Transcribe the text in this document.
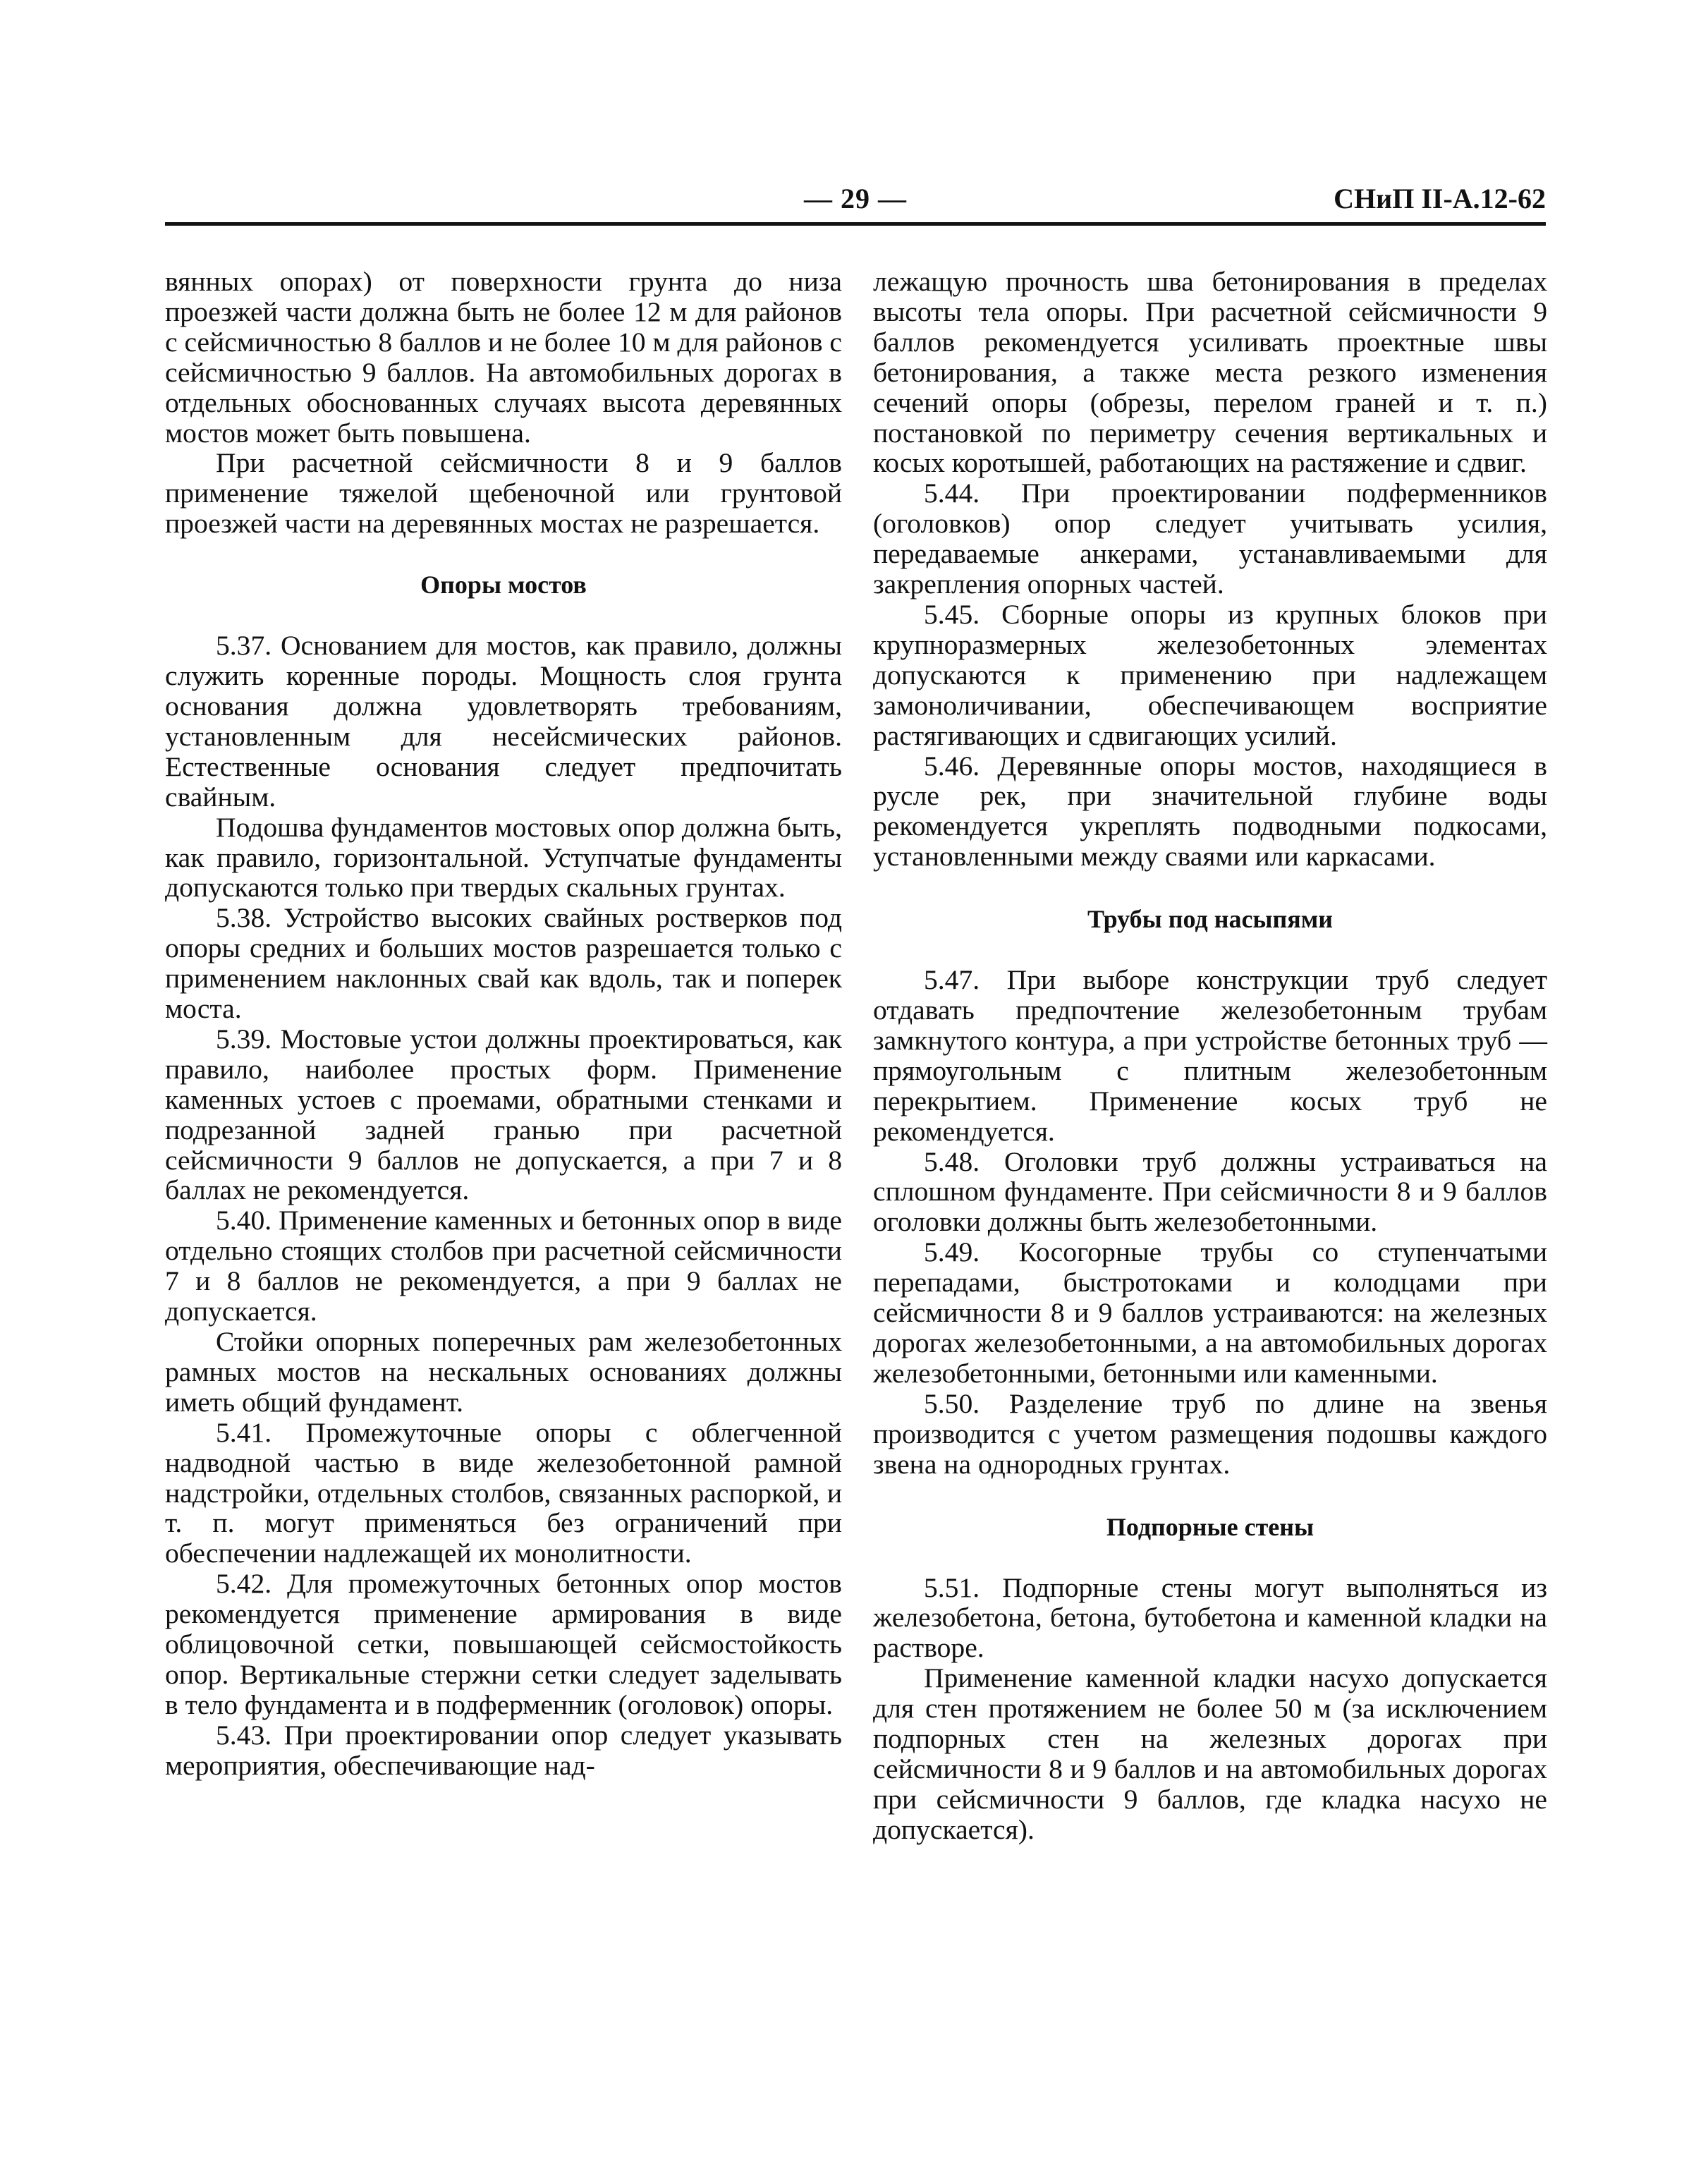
— 29 —	СНиП II-А.12-62

вянных опорах) от поверхности грунта до низа проезжей части должна быть не более 12 м для районов с сейсмичностью 8 баллов и не более 10 м для районов с сейсмичностью 9 баллов. На автомобильных дорогах в отдельных обоснованных случаях высота деревянных мостов может быть повышена.

При расчетной сейсмичности 8 и 9 баллов применение тяжелой щебеночной или грунтовой проезжей части на деревянных мостах не разрешается.

Опоры мостов

5.37. Основанием для мостов, как правило, должны служить коренные породы. Мощность слоя грунта основания должна удовлетворять требованиям, установленным для несейсмических районов. Естественные основания следует предпочитать свайным.

Подошва фундаментов мостовых опор должна быть, как правило, горизонтальной. Уступчатые фундаменты допускаются только при твердых скальных грунтах.

5.38. Устройство высоких свайных ростверков под опоры средних и больших мостов разрешается только с применением наклонных свай как вдоль, так и поперек моста.

5.39. Мостовые устои должны проектироваться, как правило, наиболее простых форм. Применение каменных устоев с проемами, обратными стенками и подрезанной задней гранью при расчетной сейсмичности 9 баллов не допускается, а при 7 и 8 баллах не рекомендуется.

5.40. Применение каменных и бетонных опор в виде отдельно стоящих столбов при расчетной сейсмичности 7 и 8 баллов не рекомендуется, а при 9 баллах не допускается.

Стойки опорных поперечных рам железобетонных рамных мостов на нескальных основаниях должны иметь общий фундамент.

5.41. Промежуточные опоры с облегченной надводной частью в виде железобетонной рамной надстройки, отдельных столбов, связанных распоркой, и т. п. могут применяться без ограничений при обеспечении надлежащей их монолитности.

5.42. Для промежуточных бетонных опор мостов рекомендуется применение армирования в виде облицовочной сетки, повышающей сейсмостойкость опор. Вертикальные стержни сетки следует заделывать в тело фундамента и в подферменник (оголовок) опоры.

5.43. При проектировании опор следует указывать мероприятия, обеспечивающие над-

лежащую прочность шва бетонирования в пределах высоты тела опоры. При расчетной сейсмичности 9 баллов рекомендуется усиливать проектные швы бетонирования, а также места резкого изменения сечений опоры (обрезы, перелом граней и т. п.) постановкой по периметру сечения вертикальных и косых коротышей, работающих на растяжение и сдвиг.

5.44. При проектировании подферменников (оголовков) опор следует учитывать усилия, передаваемые анкерами, устанавливаемыми для закрепления опорных частей.

5.45. Сборные опоры из крупных блоков при крупноразмерных железобетонных элементах допускаются к применению при надлежащем замоноличивании, обеспечивающем восприятие растягивающих и сдвигающих усилий.

5.46. Деревянные опоры мостов, находящиеся в русле рек, при значительной глубине воды рекомендуется укреплять подводными подкосами, установленными между сваями или каркасами.

Трубы под насыпями

5.47. При выборе конструкции труб следует отдавать предпочтение железобетонным трубам замкнутого контура, а при устройстве бетонных труб — прямоугольным с плитным железобетонным перекрытием. Применение косых труб не рекомендуется.

5.48. Оголовки труб должны устраиваться на сплошном фундаменте. При сейсмичности 8 и 9 баллов оголовки должны быть железобетонными.

5.49. Косогорные трубы со ступенчатыми перепадами, быстротоками и колодцами при сейсмичности 8 и 9 баллов устраиваются: на железных дорогах железобетонными, а на автомобильных дорогах железобетонными, бетонными или каменными.

5.50. Разделение труб по длине на звенья производится с учетом размещения подошвы каждого звена на однородных грунтах.

Подпорные стены

5.51. Подпорные стены могут выполняться из железобетона, бетона, бутобетона и каменной кладки на растворе.

Применение каменной кладки насухо допускается для стен протяжением не более 50 м (за исключением подпорных стен на железных дорогах при сейсмичности 8 и 9 баллов и на автомобильных дорогах при сейсмичности 9 баллов, где кладка насухо не допускается).
